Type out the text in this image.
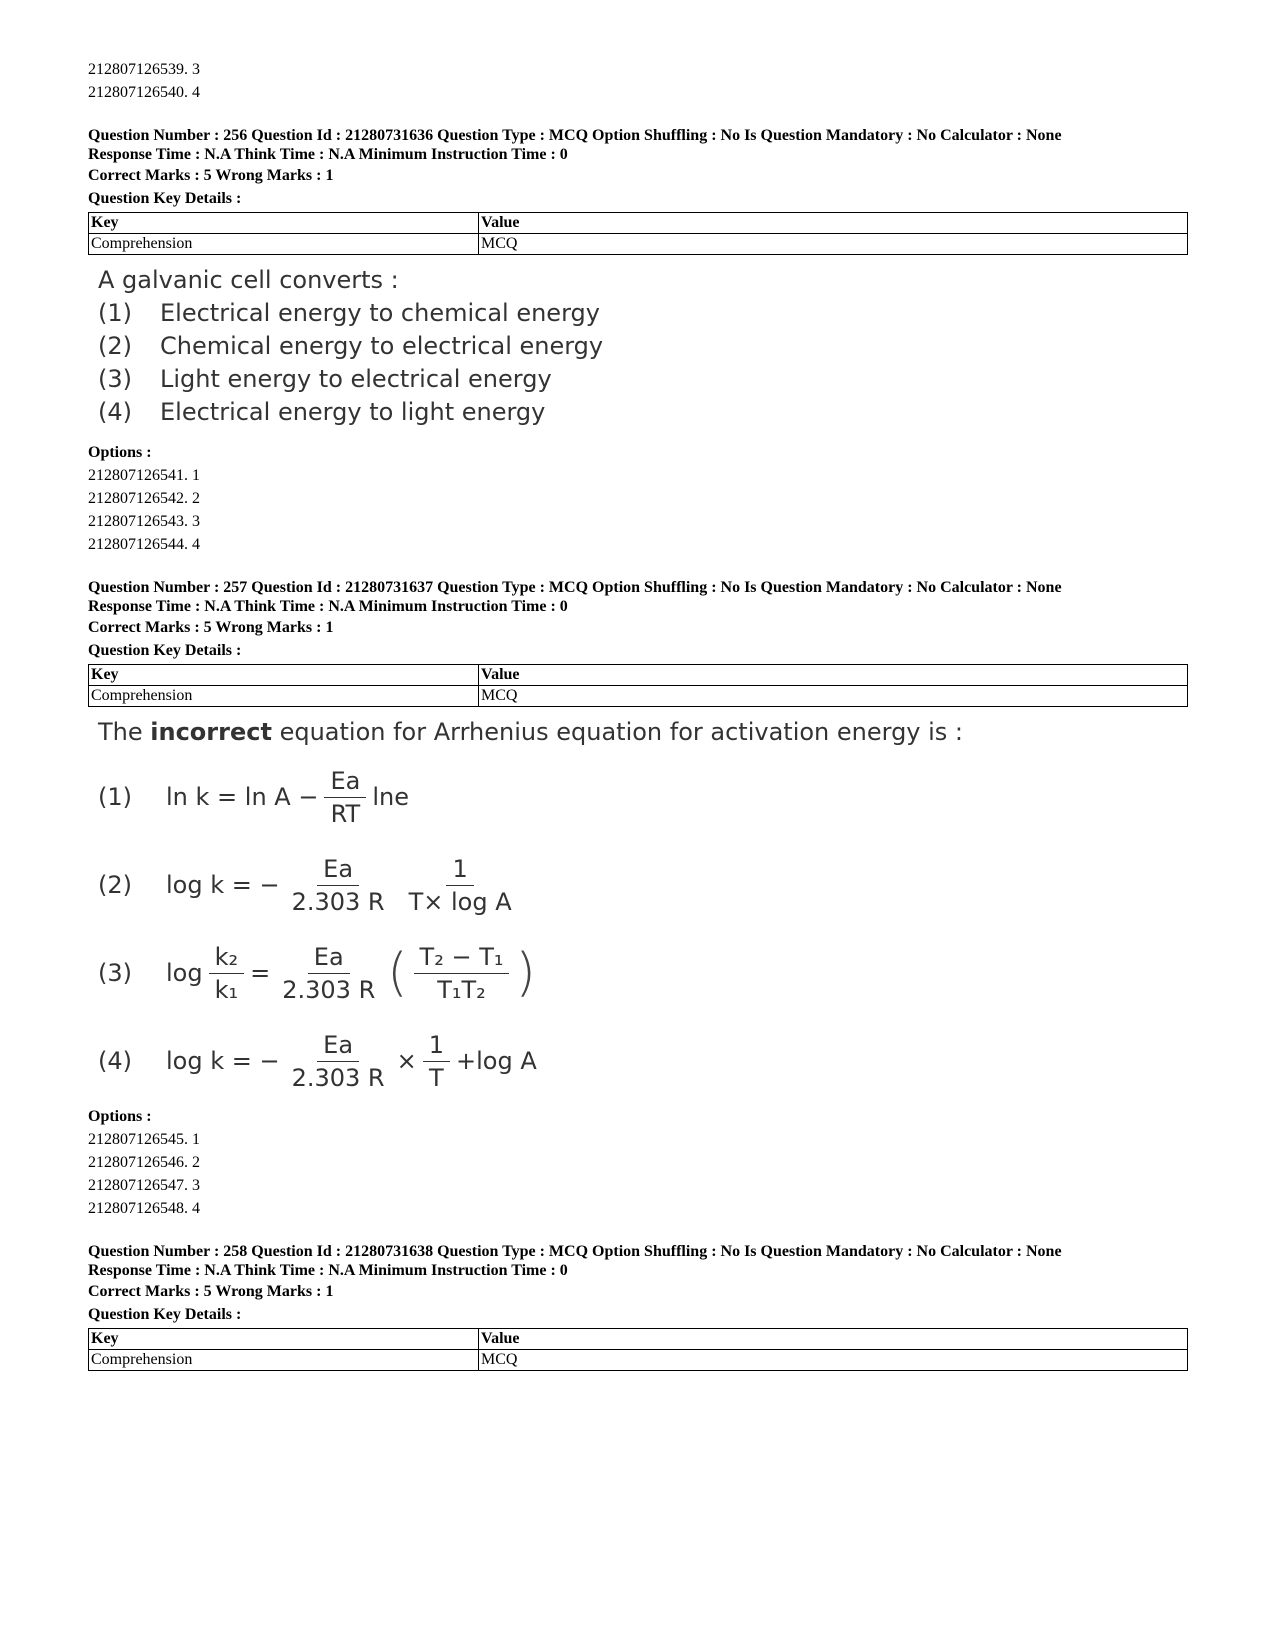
212807126539. 3
212807126540. 4
Question Number : 256 Question Id : 21280731636 Question Type : MCQ Option Shuffling : No Is Question Mandatory : No Calculator : None
Response Time : N.A Think Time : N.A Minimum Instruction Time : 0
Correct Marks : 5 Wrong Marks : 1
Question Key Details :
Key	Value
Comprehension	MCQ
A galvanic cell converts :
(1)	Electrical energy to chemical energy
(2)	Chemical energy to electrical energy
(3)	Light energy to electrical energy
(4)	Electrical energy to light energy
Options :
212807126541. 1
212807126542. 2
212807126543. 3
212807126544. 4
Question Number : 257 Question Id : 21280731637 Question Type : MCQ Option Shuffling : No Is Question Mandatory : No Calculator : None
Response Time : N.A Think Time : N.A Minimum Instruction Time : 0
Correct Marks : 5 Wrong Marks : 1
Question Key Details :
Key	Value
Comprehension	MCQ
The incorrect equation for Arrhenius equation for activation energy is :
(1)	$\ln k = \ln A - \frac{Ea}{RT}$ lne
(2)	log k = − $\frac{Ea}{2.303 R} \frac{1}{\text{T× log A}}$
(3)	$\log \frac{\text{k₂}}{\text{k₁}} = \frac{Ea}{2.303 R}$ ( $\frac{\text{T₂ − T₁}}{\text{T₁T₂}}$ )
(4)	log k = − $\frac{Ea}{2.303 R} \times \frac{1}{T} +\log$ A
Options :
212807126545. 1
212807126546. 2
212807126547. 3
212807126548. 4
Question Number : 258 Question Id : 21280731638 Question Type : MCQ Option Shuffling : No Is Question Mandatory : No Calculator : None
Response Time : N.A Think Time : N.A Minimum Instruction Time : 0
Correct Marks : 5 Wrong Marks : 1
Question Key Details :
Key	Value
Comprehension	MCQ
